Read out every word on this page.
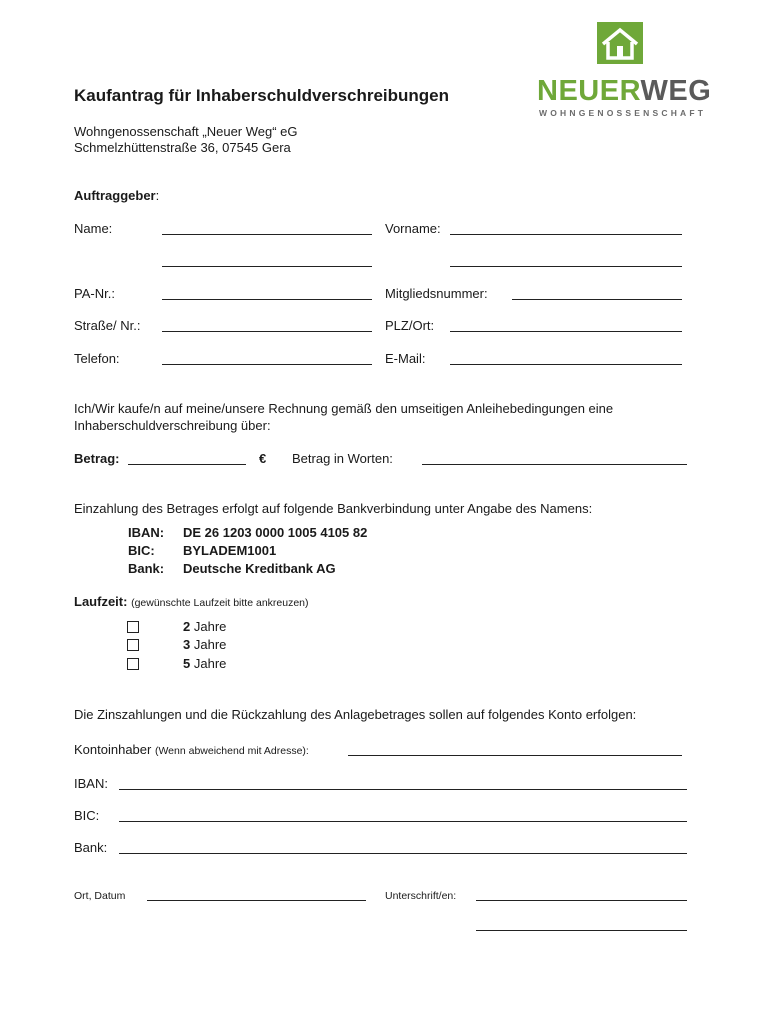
NEUERWEG
WOHNGENOSSENSCHAFT
Kaufantrag für Inhaberschuldverschreibungen
Wohngenossenschaft „Neuer Weg“ eG
Schmelzhüttenstraße 36, 07545 Gera
Auftraggeber:
Name:	Vorname:
PA-Nr.:	Mitgliedsnummer:
Straße/ Nr.:	PLZ/Ort:
Telefon:	E-Mail:
Ich/Wir kaufe/n auf meine/unsere Rechnung gemäß den umseitigen Anleihebedingungen eine
Inhaberschuldverschreibung über:
Betrag:	€ Betrag in Worten:
Einzahlung des Betrages erfolgt auf folgende Bankverbindung unter Angabe des Namens:
IBAN: DE 26 1203 0000 1005 4105 82
BIC: BYLADEM1001
Bank: Deutsche Kreditbank AG
Laufzeit: (gewünschte Laufzeit bitte ankreuzen)
2 Jahre
3 Jahre
5 Jahre
Die Zinszahlungen und die Rückzahlung des Anlagebetrages sollen auf folgendes Konto erfolgen:
Kontoinhaber (Wenn abweichend mit Adresse):
IBAN:
BIC:
Bank:
Ort, Datum	Unterschrift/en:
